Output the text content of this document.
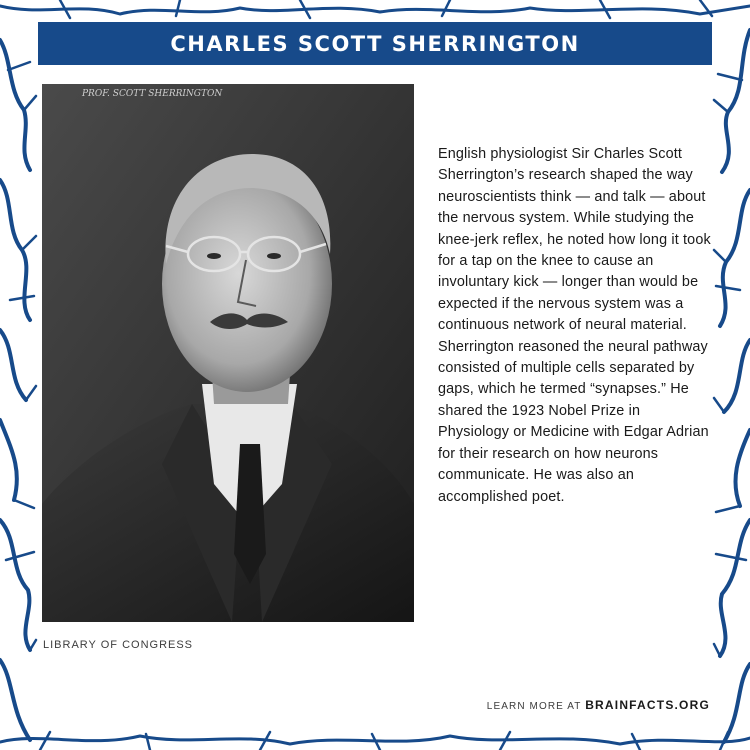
CHARLES SCOTT SHERRINGTON
PROF. SCOTT SHERRINGTON
LIBRARY OF CONGRESS
English physiologist Sir Charles Scott Sherrington’s research shaped the way neuroscientists think — and talk — about the nervous system. While studying the knee-jerk reflex, he noted how long it took for a tap on the knee to cause an involuntary kick — longer than would be expected if the nervous system was a continuous network of neural material. Sherrington reasoned the neural pathway consisted of multiple cells separated by gaps, which he termed “synapses.” He shared the 1923 Nobel Prize in Physiology or Medicine with Edgar Adrian for their research on how neurons communicate. He was also an accomplished poet.
LEARN MORE AT BRAINFACTS.ORG
